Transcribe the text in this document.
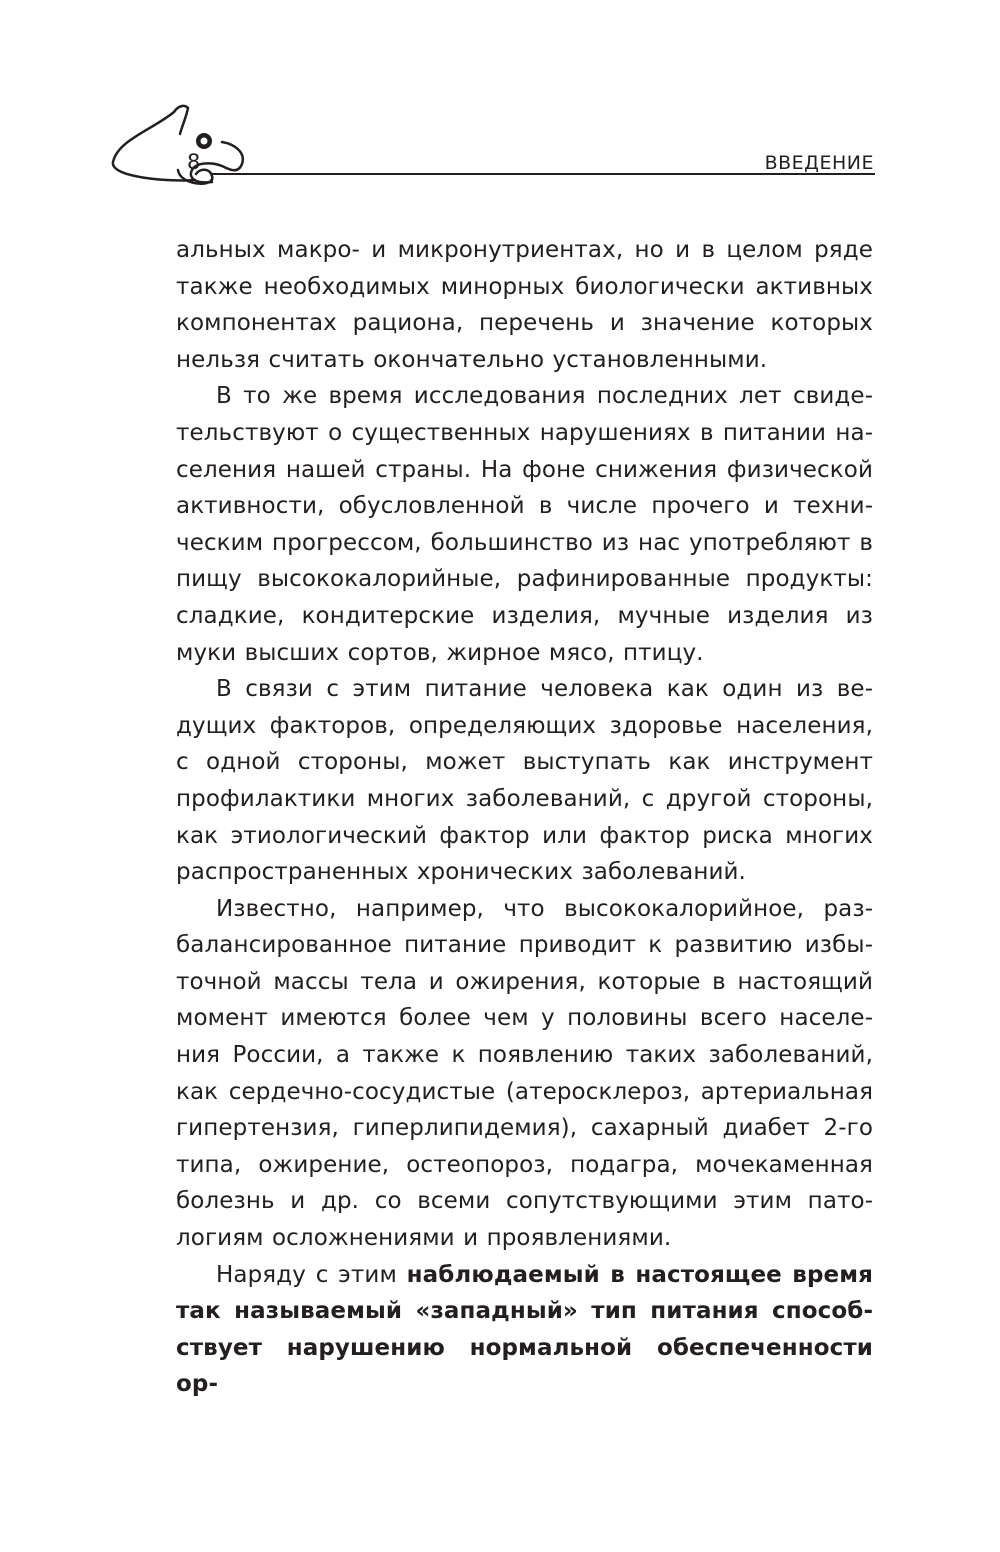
8	ВВЕДЕНИЕ

альных макро- и микронутриентах, но и в целом ряде также необходимых минорных биологически активных компонентах рациона, перечень и значение которых нельзя считать окончательно установленными.

В то же время исследования последних лет свидетельствуют о существенных нарушениях в питании населения нашей страны. На фоне снижения физической активности, обусловленной в числе прочего и техническим прогрессом, большинство из нас употребляют в пищу высококалорийные, рафинированные продукты: сладкие, кондитерские изделия, мучные изделия из муки высших сортов, жирное мясо, птицу.

В связи с этим питание человека как один из ведущих факторов, определяющих здоровье населения, с одной стороны, может выступать как инструмент профилактики многих заболеваний, с другой стороны, как этиологический фактор или фактор риска многих распространенных хронических заболеваний.

Известно, например, что высококалорийное, разбалансированное питание приводит к развитию избыточной массы тела и ожирения, которые в настоящий момент имеются более чем у половины всего населения России, а также к появлению таких заболеваний, как сердечно-сосудистые (атеросклероз, артериальная гипертензия, гиперлипидемия), сахарный диабет 2-го типа, ожирение, остеопороз, подагра, мочекаменная болезнь и др. со всеми сопутствующими этим патологиям осложнениями и проявлениями.

Наряду с этим наблюдаемый в настоящее время так называемый «западный» тип питания способствует нарушению нормальной обеспеченности ор-
